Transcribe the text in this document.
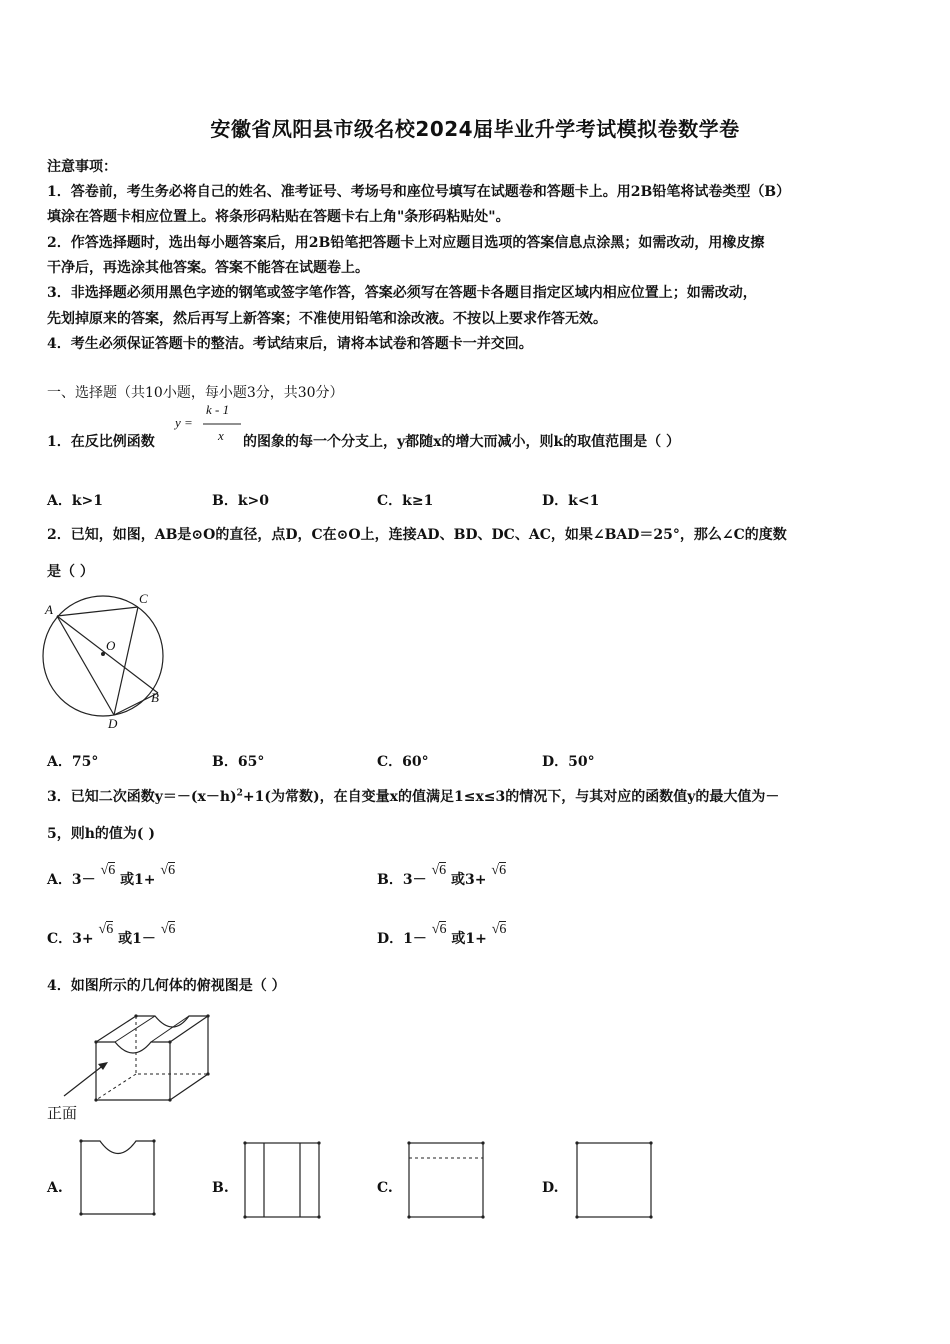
安徽省凤阳县市级名校2024届毕业升学考试模拟卷数学卷
注意事项：
1．答卷前，考生务必将自己的姓名、准考证号、考场号和座位号填写在试题卷和答题卡上。用2B铅笔将试卷类型（B）
填涂在答题卡相应位置上。将条形码粘贴在答题卡右上角"条形码粘贴处"。
2．作答选择题时，选出每小题答案后，用2B铅笔把答题卡上对应题目选项的答案信息点涂黑；如需改动，用橡皮擦
干净后，再选涂其他答案。答案不能答在试题卷上。
3．非选择题必须用黑色字迹的钢笔或签字笔作答，答案必须写在答题卡各题目指定区域内相应位置上；如需改动，
先划掉原来的答案，然后再写上新答案；不准使用铅笔和涂改液。不按以上要求作答无效。
4．考生必须保证答题卡的整洁。考试结束后，请将本试卷和答题卡一并交回。
一、选择题（共10小题，每小题3分，共30分）
1．在反比例函数
y =
k - 1
x 的图象的每一个分支上，y都随x的增大而减小，则k的取值范围是（ ）
A．k>1	B．k>0	C．k≥1	D．k<1
2．已知，如图，AB是⊙O的直径，点D，C在⊙O上，连接AD、BD、DC、AC，如果∠BAD＝25°，那么∠C的度数
是（ ）
A
C
O
B
D
A．75°	B．65°	C．60°	D．50°
3．已知二次函数$y=-(x-h)^2+1$(为常数)，在自变量x的值满足1≤x≤3的情况下，与其对应的函数值y的最大值为－
5，则h的值为( )
A．3－ √6 或1+ √6
B．3－ √6 或3+ √6
C．3+ √6 或1－ √6
D．1－ √6 或1+ √6
4．如图所示的几何体的俯视图是（ ）
正面
A.	B.	C.	D.
